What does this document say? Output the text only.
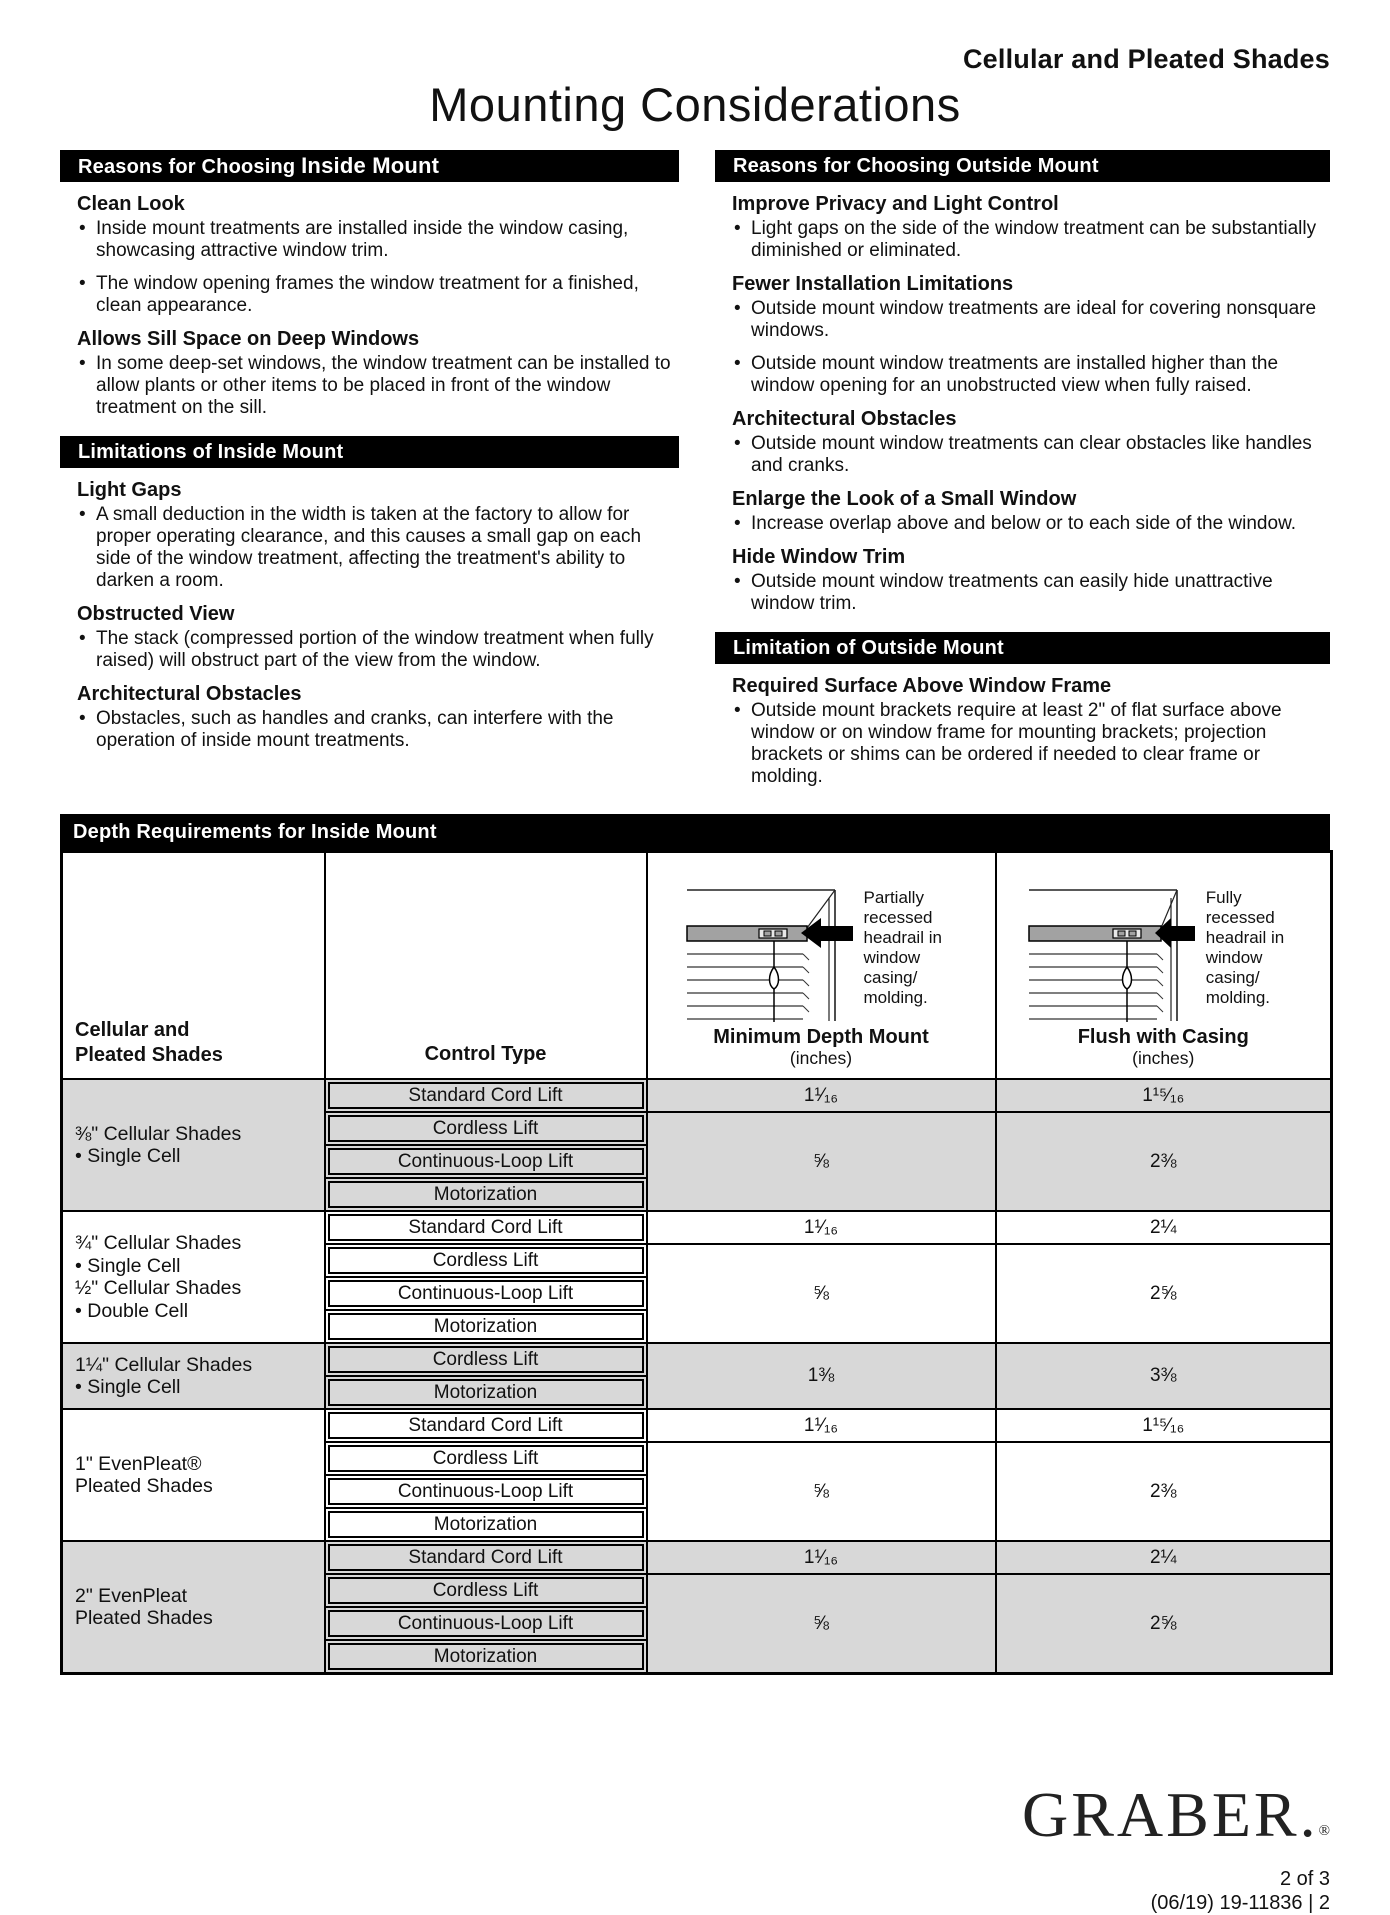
Cellular and Pleated Shades
Mounting Considerations
Reasons for Choosing Inside Mount
Clean Look
• Inside mount treatments are installed inside the window casing, showcasing attractive window trim.
• The window opening frames the window treatment for a finished, clean appearance.
Allows Sill Space on Deep Windows
• In some deep-set windows, the window treatment can be installed to allow plants or other items to be placed in front of the window treatment on the sill.
Limitations of Inside Mount
Light Gaps
• A small deduction in the width is taken at the factory to allow for proper operating clearance, and this causes a small gap on each side of the window treatment, affecting the treatment's ability to darken a room.
Obstructed View
• The stack (compressed portion of the window treatment when fully raised) will obstruct part of the view from the window.
Architectural Obstacles
• Obstacles, such as handles and cranks, can interfere with the operation of inside mount treatments.
Reasons for Choosing Outside Mount
Improve Privacy and Light Control
• Light gaps on the side of the window treatment can be substantially diminished or eliminated.
Fewer Installation Limitations
• Outside mount window treatments are ideal for covering nonsquare windows.
• Outside mount window treatments are installed higher than the window opening for an unobstructed view when fully raised.
Architectural Obstacles
• Outside mount window treatments can clear obstacles like handles and cranks.
Enlarge the Look of a Small Window
• Increase overlap above and below or to each side of the window.
Hide Window Trim
• Outside mount window treatments can easily hide unattractive window trim.
Limitation of Outside Mount
Required Surface Above Window Frame
• Outside mount brackets require at least 2" of flat surface above window or on window frame for mounting brackets; projection brackets or shims can be ordered if needed to clear frame or molding.
Depth Requirements for Inside Mount
Cellular and
Pleated Shades	Control Type	
Partially recessed headrail in window casing/ molding.
Minimum Depth Mount
(inches)

Fully recessed headrail in window casing/ molding.
Flush with Casing
(inches)

⅜" Cellular Shades
• Single Cell	Standard Cord Lift	1¹⁄₁₆	1¹⁵⁄₁₆

Cordless Lift	⅝	2⅜

Continuous-Loop Lift		

Motorization		

¾" Cellular Shades
• Single Cell
½" Cellular Shades
• Double Cell	Standard Cord Lift	1¹⁄₁₆	2¼

Cordless Lift	⅝	2⅝

Continuous-Loop Lift		

Motorization		

1¼" Cellular Shades
• Single Cell	Cordless Lift	1⅜	3⅜

Motorization		

1" EvenPleat®
Pleated Shades	Standard Cord Lift	1¹⁄₁₆	1¹⁵⁄₁₆

Cordless Lift	⅝	2⅜

Continuous-Loop Lift		

Motorization		

2" EvenPleat
Pleated Shades	Standard Cord Lift	1¹⁄₁₆	2¼

Cordless Lift	⅝	2⅝

Continuous-Loop Lift		

Motorization		
GRABER.®
2 of 3
(06/19) 19-11836 | 2
